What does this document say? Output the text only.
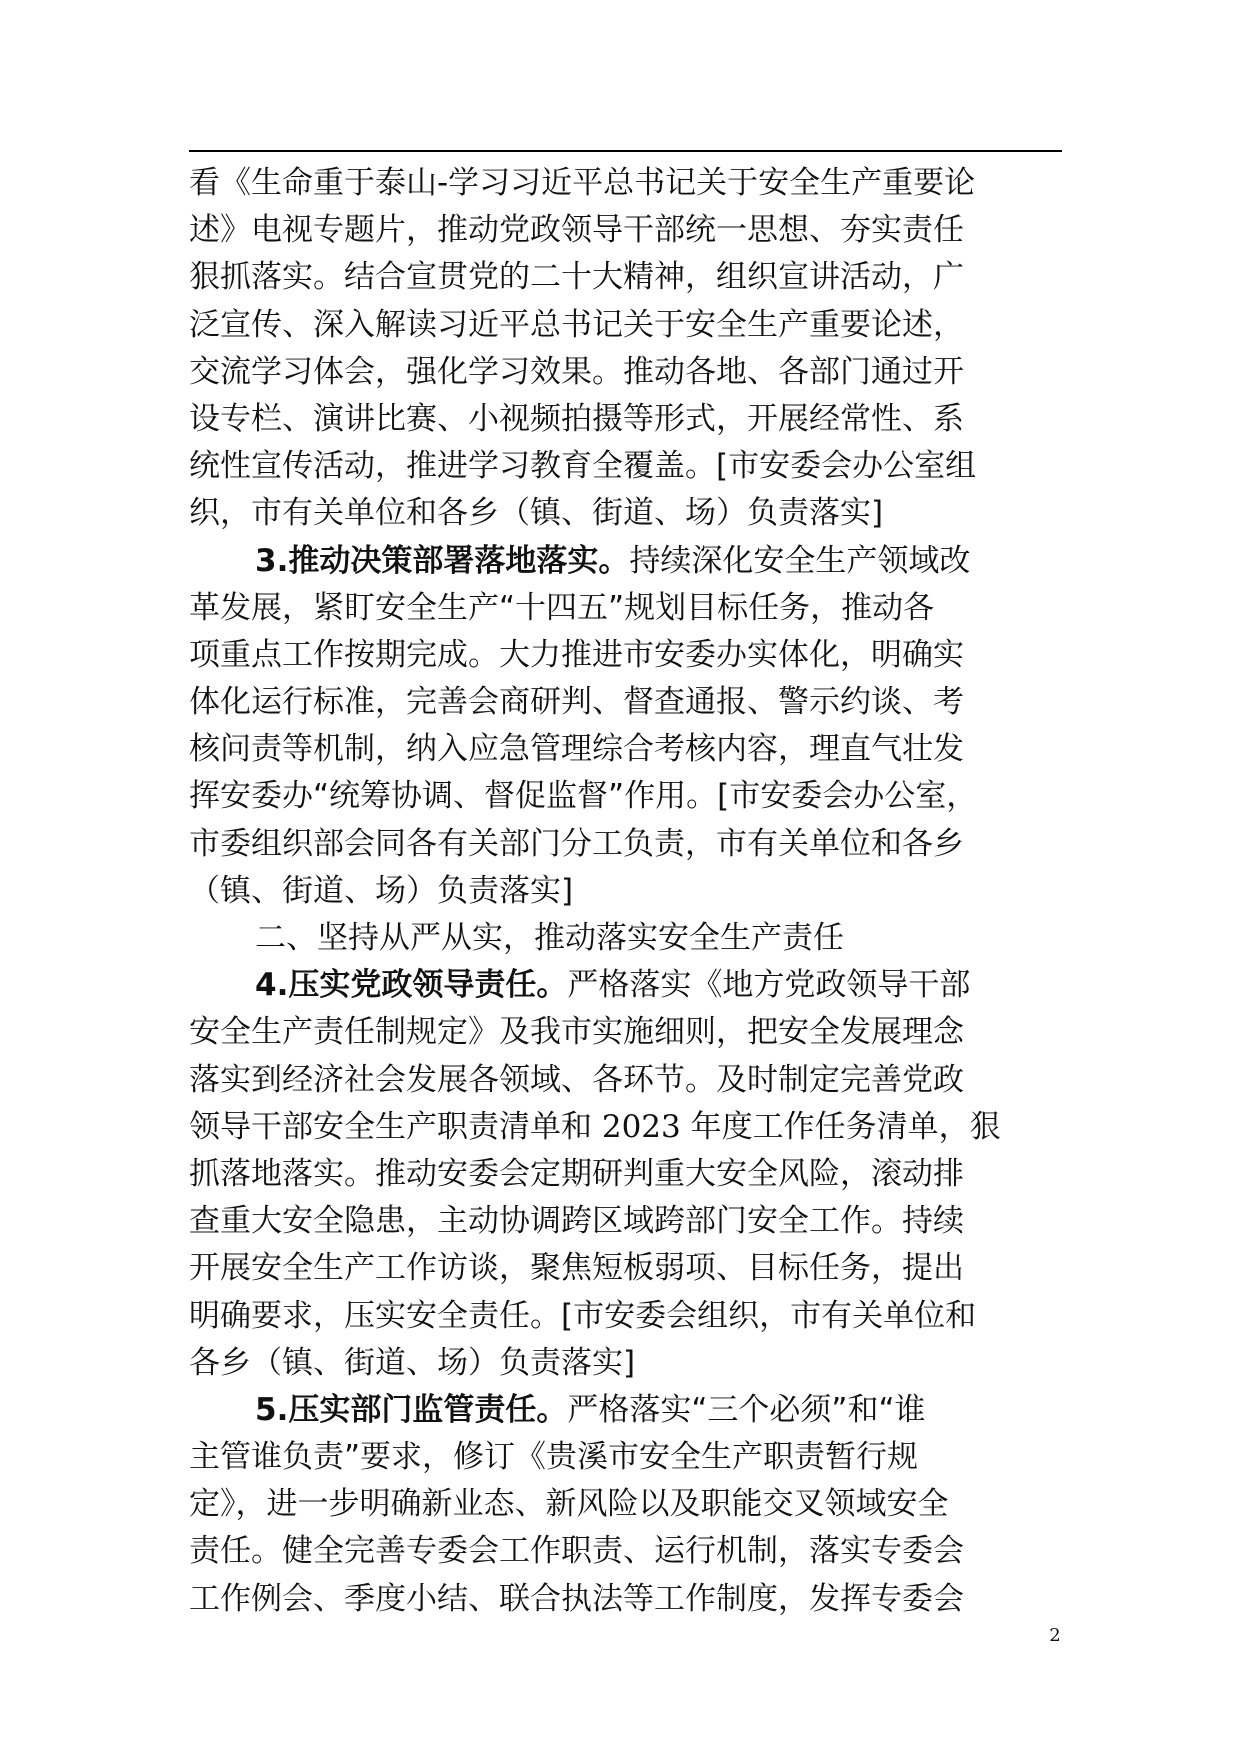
看《生命重于泰山-学习习近平总书记关于安全生产重要论
述》电视专题片，推动党政领导干部统一思想、夯实责任
狠抓落实。结合宣贯党的二十大精神，组织宣讲活动，广
泛宣传、深入解读习近平总书记关于安全生产重要论述，
交流学习体会，强化学习效果。推动各地、各部门通过开
设专栏、演讲比赛、小视频拍摄等形式，开展经常性、系
统性宣传活动，推进学习教育全覆盖。[市安委会办公室组
织，市有关单位和各乡（镇、街道、场）负责落实]
3.推动决策部署落地落实。持续深化安全生产领域改
革发展，紧盯安全生产“十四五”规划目标任务，推动各
项重点工作按期完成。大力推进市安委办实体化，明确实
体化运行标准，完善会商研判、督查通报、警示约谈、考
核问责等机制，纳入应急管理综合考核内容，理直气壮发
挥安委办“统筹协调、督促监督”作用。[市安委会办公室，
市委组织部会同各有关部门分工负责，市有关单位和各乡
（镇、街道、场）负责落实]
二、坚持从严从实，推动落实安全生产责任
4.压实党政领导责任。严格落实《地方党政领导干部
安全生产责任制规定》及我市实施细则，把安全发展理念
落实到经济社会发展各领域、各环节。及时制定完善党政
领导干部安全生产职责清单和 2023 年度工作任务清单，狠
抓落地落实。推动安委会定期研判重大安全风险，滚动排
查重大安全隐患，主动协调跨区域跨部门安全工作。持续
开展安全生产工作访谈，聚焦短板弱项、目标任务，提出
明确要求，压实安全责任。[市安委会组织，市有关单位和
各乡（镇、街道、场）负责落实]
5.压实部门监管责任。严格落实“三个必须”和“谁
主管谁负责”要求，修订《贵溪市安全生产职责暂行规
定》，进一步明确新业态、新风险以及职能交叉领域安全
责任。健全完善专委会工作职责、运行机制，落实专委会
工作例会、季度小结、联合执法等工作制度，发挥专委会
2
